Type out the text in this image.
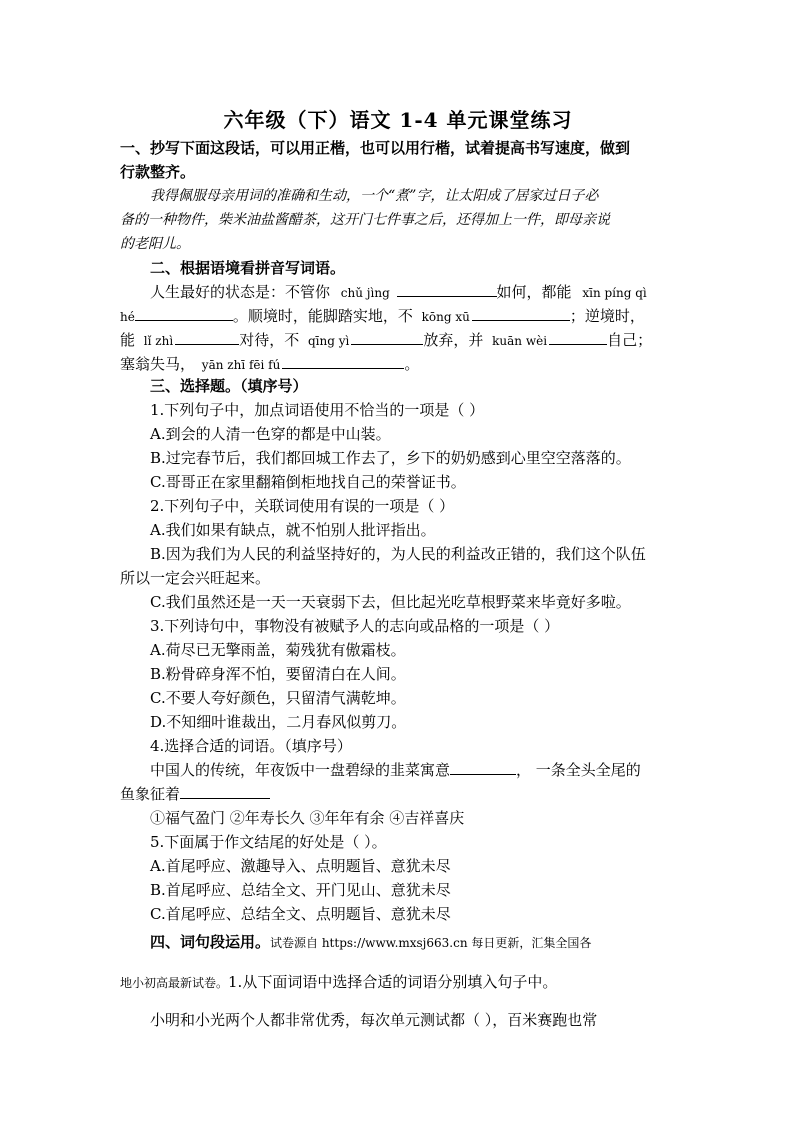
六年级（下）语文 1-4 单元课堂练习
一、抄写下面这段话，可以用正楷，也可以用行楷，试着提高书写速度，做到
行款整齐。
我得佩服母亲用词的准确和生动，一个“煮”字，让太阳成了居家过日子必
备的一种物件，柴米油盐酱醋茶，这开门七件事之后，还得加上一件，即母亲说
的老阳儿。
二、根据语境看拼音写词语。
人生最好的状态是：不管你 chǔ jìng	如何，都能 xīn píng qì
hé	。顺境时，能脚踏实地，不 kōng xū	；逆境时，
能 lǐ zhì	对待，不 qīng yì	放弃，并 kuān wèi	自己；
塞翁失马， yān zhī fēi fú	。
三、选择题。（填序号）
1.下列句子中，加点词语使用不恰当的一项是（ ）
A.到会的人清一色穿的都是中山装。
B.过完春节后，我们都回城工作去了，乡下的奶奶感到心里空空落落的。
C.哥哥正在家里翻箱倒柜地找自己的荣誉证书。
2.下列句子中，关联词使用有误的一项是（ ）
A.我们如果有缺点，就不怕别人批评指出。
B.因为我们为人民的利益坚持好的，为人民的利益改正错的，我们这个队伍
所以一定会兴旺起来。
C.我们虽然还是一天一天衰弱下去，但比起光吃草根野菜来毕竟好多啦。
3.下列诗句中，事物没有被赋予人的志向或品格的一项是（ ）
A.荷尽已无擎雨盖，菊残犹有傲霜枝。
B.粉骨碎身浑不怕，要留清白在人间。
C.不要人夸好颜色，只留清气满乾坤。
D.不知细叶谁裁出，二月春风似剪刀。
4.选择合适的词语。（填序号）
中国人的传统，年夜饭中一盘碧绿的韭菜寓意	， 一条全头全尾的
鱼象征着
①福气盈门 ②年寿长久 ③年年有余 ④吉祥喜庆
5.下面属于作文结尾的好处是（ ）。
A.首尾呼应、激趣导入、点明题旨、意犹未尽
B.首尾呼应、总结全文、开门见山、意犹未尽
C.首尾呼应、总结全文、点明题旨、意犹未尽
四、词句段运用。试卷源自 https://www.mxsj663.cn 每日更新，汇集全国各
地小初高最新试卷。1.从下面词语中选择合适的词语分别填入句子中。
小明和小光两个人都非常优秀，每次单元测试都（ ），百米赛跑也常
